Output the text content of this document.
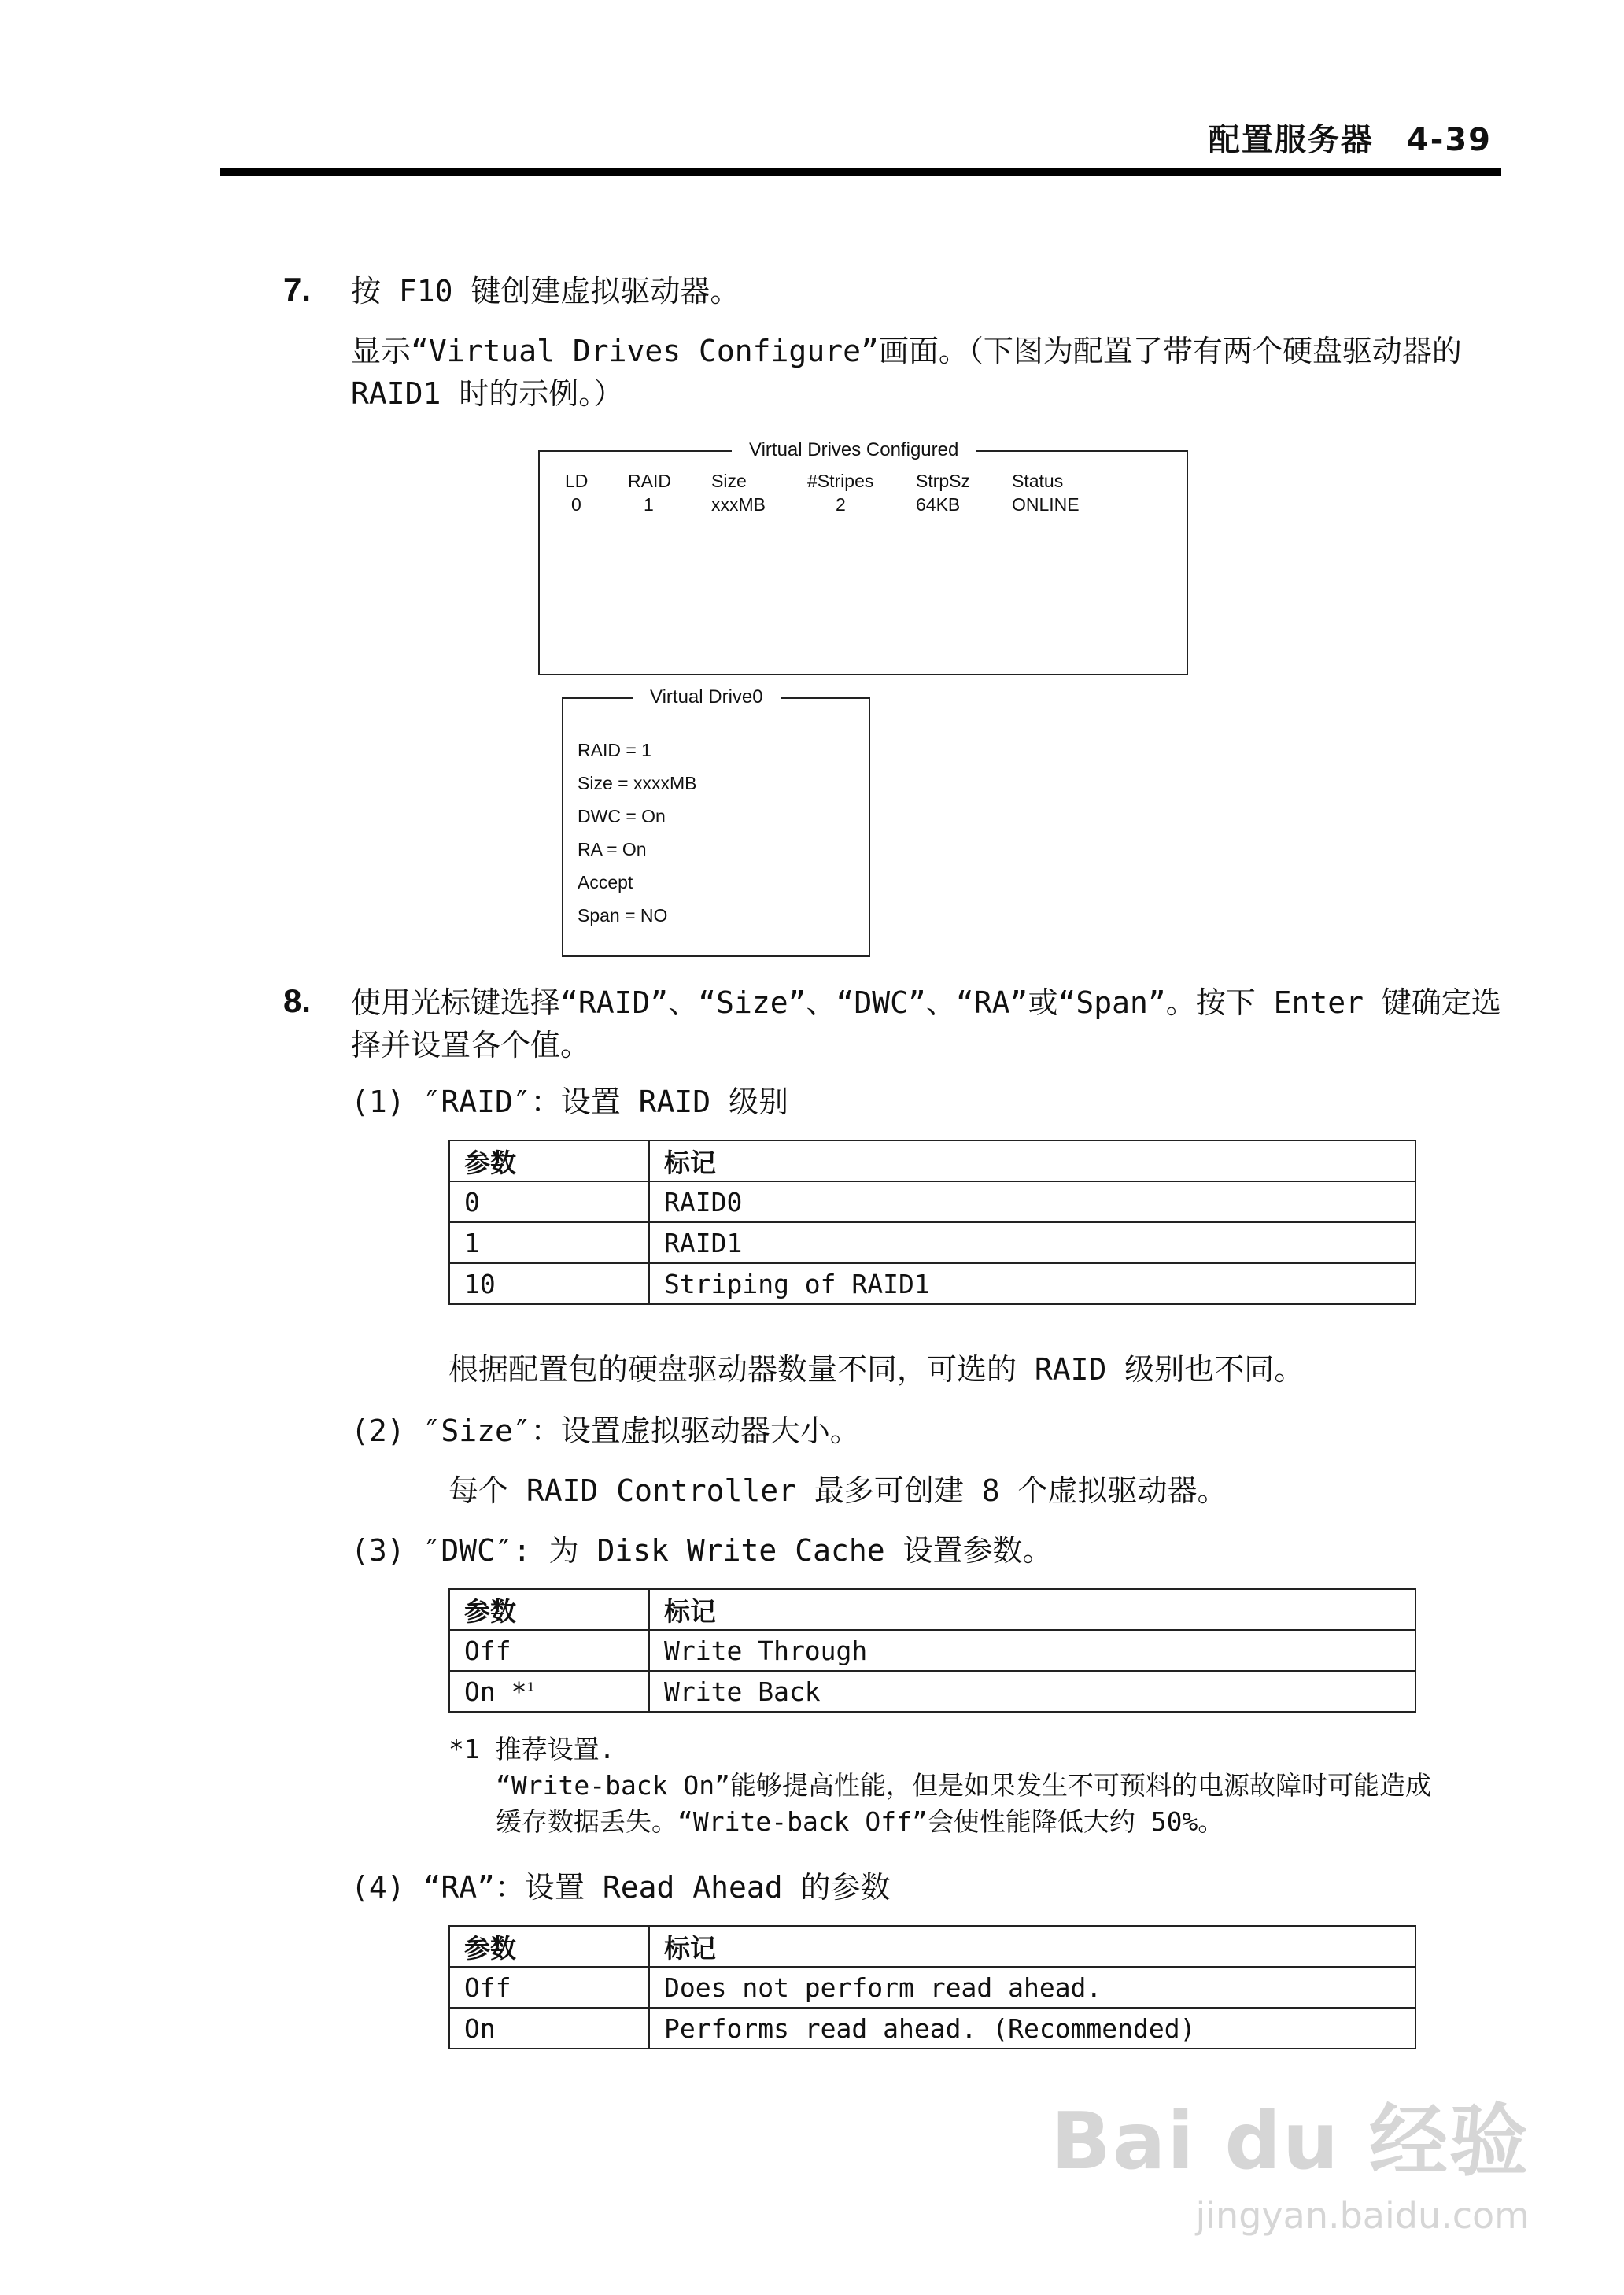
配置服务器　4-39
7. 按 F10 键创建虚拟驱动器。
显示“Virtual Drives Configure”画面。（下图为配置了带有两个硬盘驱动器的
RAID1 时的示例。）
Virtual Drives Configured
LD RAID Size	#Stripes StrpSz Status
0	1	xxxMB	2	64KB	ONLINE
Virtual Drive0
RAID = 1
Size = xxxxMB
DWC = On
RA = On
Accept
Span = NO
8. 使用光标键选择“RAID”、“Size”、“DWC”、“RA”或“Span”。按下 Enter 键确定选
择并设置各个值。
(1) ″RAID″：设置 RAID 级别
参数	标记
0	RAID0
1	RAID1
10	Striping of RAID1
根据配置包的硬盘驱动器数量不同，可选的 RAID 级别也不同。
(2) ″Size″：设置虚拟驱动器大小。
每个 RAID Controller 最多可创建 8 个虚拟驱动器。
(3) ″DWC″: 为 Disk Write Cache 设置参数。
参数	标记
Off	Write Through
On *$^1$	Write Back
*1 推荐设置.
“Write-back On”能够提高性能，但是如果发生不可预料的电源故障时可能造成
缓存数据丢失。“Write-back Off”会使性能降低大约 50%。
(4) “RA”：设置 Read Ahead 的参数
参数	标记
Off	Does not perform read ahead.
On	Performs read ahead. (Recommended)
Bai du 经验
jingyan.baidu.com
